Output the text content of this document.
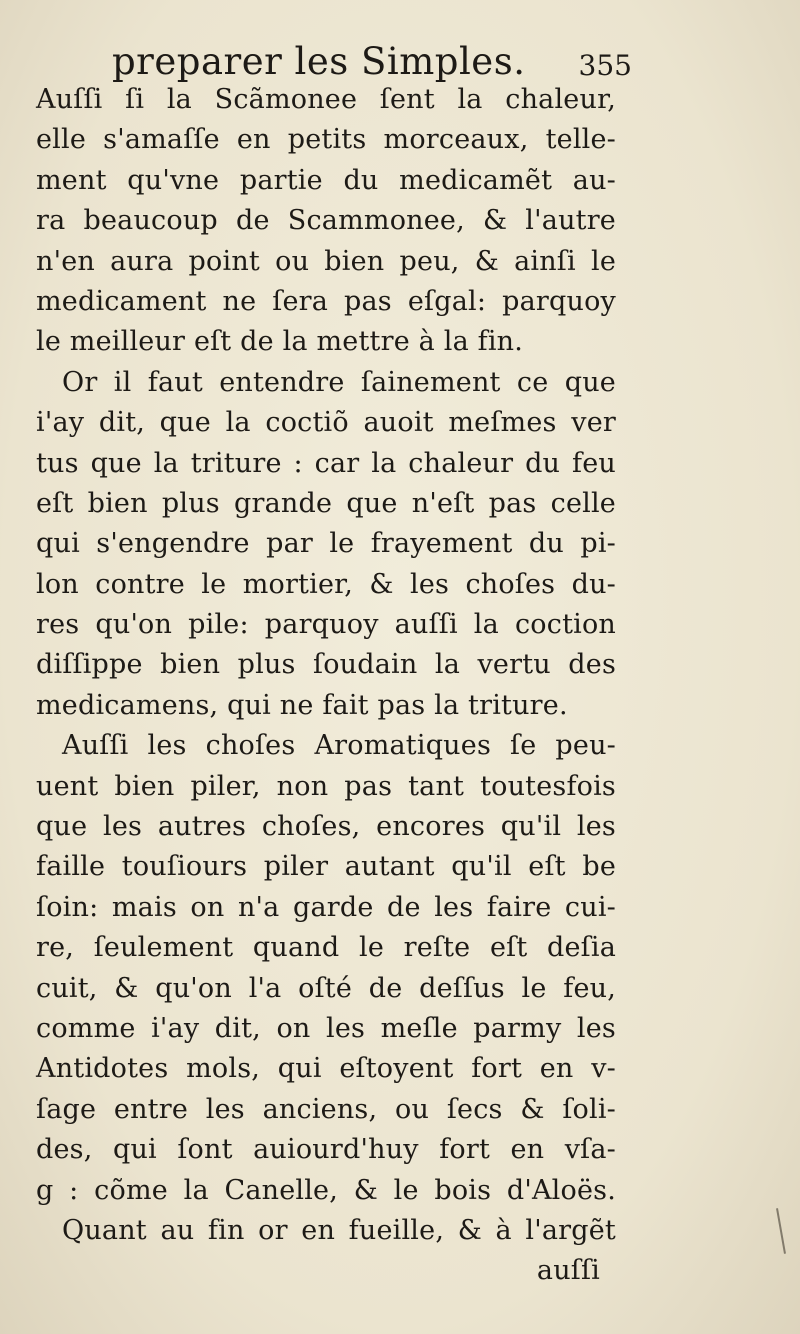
preparer les Simples. 355
Auſſi ſi la Scãmonee ſent la chaleur,
elle s'amaſſe en petits morceaux, telle-
ment qu'vne partie du medicamẽt au-
ra beaucoup de Scammonee, & l'autre
n'en aura point ou bien peu, & ainſi le
medicament ne ſera pas eſgal: parquoy
le meilleur eſt de la mettre à la fin.
Or il faut entendre ſainement ce que
i'ay dit, que la coctiõ auoit meſmes ver
tus que la triture : car la chaleur du feu
eſt bien plus grande que n'eſt pas celle
qui s'engendre par le frayement du pi-
lon contre le mortier, & les choſes du-
res qu'on pile: parquoy auſſi la coction
diſſippe bien plus ſoudain la vertu des
medicamens, qui ne fait pas la triture.
Auſſi les choſes Aromatiques ſe peu-
uent bien piler, non pas tant toutesfois
que les autres choſes, encores qu'il les
faille touſiours piler autant qu'il eſt be
ſoin: mais on n'a garde de les faire cui-
re, ſeulement quand le reſte eſt deſia
cuit, & qu'on l'a oſté de deſſus le feu,
comme i'ay dit, on les meſle parmy les
Antidotes mols, qui eſtoyent fort en v-
ſage entre les anciens, ou ſecs & ſoli-
des, qui ſont auiourd'huy fort en vſa-
g : cõme la Canelle, & le bois d'Aloës.
Quant au fin or en fueille, & à l'argẽt
auſſi
